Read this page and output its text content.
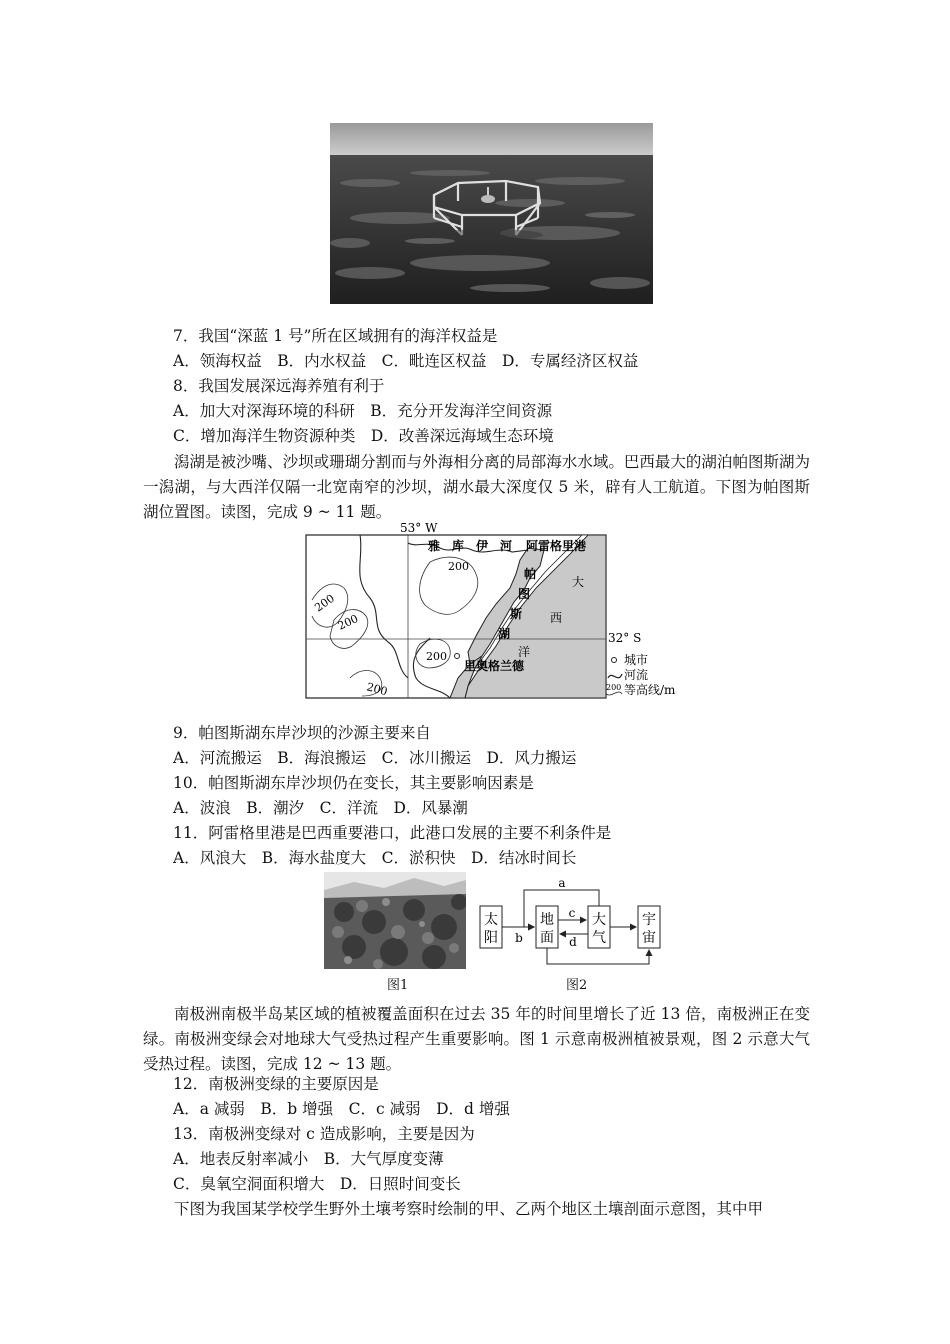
7．我国“深蓝 1 号”所在区域拥有的海洋权益是
A．领海权益　B．内水权益　C．毗连区权益　D．专属经济区权益
8．我国发展深远海养殖有利于
A．加大对深海环境的科研　B．充分开发海洋空间资源
C．增加海洋生物资源种类　D．改善深远海域生态环境
潟湖是被沙嘴、沙坝或珊瑚分割而与外海相分离的局部海水水域。巴西最大的湖泊帕图斯湖为一潟湖，与大西洋仅隔一北宽南窄的沙坝，湖水最大深度仅 5 米，辟有人工航道。下图为帕图斯湖位置图。读图，完成 9 ~ 11 题。
53° W
200
200
200
200
200
雅　库　伊　河 阿雷格里港
帕
图
斯
湖
大
西
洋
里奥格兰德
32° S
城市
河流
200 等高线/m
9．帕图斯湖东岸沙坝的沙源主要来自
A．河流搬运　B．海浪搬运　C．冰川搬运　D．风力搬运
10．帕图斯湖东岸沙坝仍在变长，其主要影响因素是
A．波浪　B．潮汐　C．洋流　D．风暴潮
11．阿雷格里港是巴西重要港口，此港口发展的主要不利条件是
A．风浪大　B．海水盐度大　C．淤积快　D．结冰时间长
图1
太
阳
地
面
大
气
宇
宙
a
b
c
d
图2
南极洲南极半岛某区域的植被覆盖面积在过去 35 年的时间里增长了近 13 倍，南极洲正在变绿。南极洲变绿会对地球大气受热过程产生重要影响。图 1 示意南极洲植被景观，图 2 示意大气受热过程。读图，完成 12 ~ 13 题。
12．南极洲变绿的主要原因是
A．a 减弱　B．b 增强　C．c 减弱　D．d 增强
13．南极洲变绿对 c 造成影响，主要是因为
A．地表反射率减小　B．大气厚度变薄
C．臭氧空洞面积增大　D．日照时间变长
下图为我国某学校学生野外土壤考察时绘制的甲、乙两个地区土壤剖面示意图，其中甲
